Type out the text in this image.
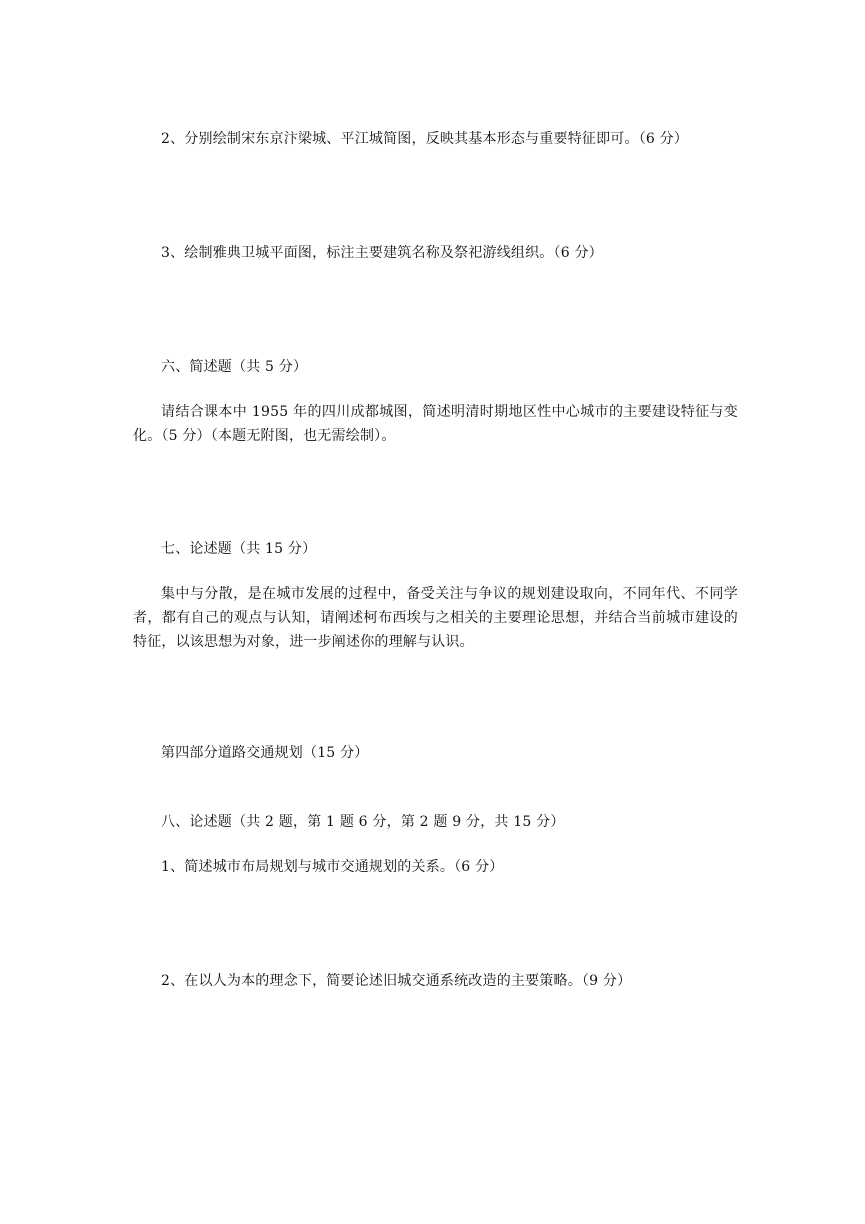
2、分别绘制宋东京汴梁城、平江城简图，反映其基本形态与重要特征即可。（6 分）
3、绘制雅典卫城平面图，标注主要建筑名称及祭祀游线组织。（6 分）
六、简述题（共 5 分）
请结合课本中 1955 年的四川成都城图，简述明清时期地区性中心城市的主要建设特征与变化。（5 分）（本题无附图，也无需绘制）。
七、论述题（共 15 分）
集中与分散，是在城市发展的过程中，备受关注与争议的规划建设取向，不同年代、不同学者，都有自己的观点与认知，请阐述柯布西埃与之相关的主要理论思想，并结合当前城市建设的特征，以该思想为对象，进一步阐述你的理解与认识。
第四部分道路交通规划（15 分）
八、论述题（共 2 题，第 1 题 6 分，第 2 题 9 分，共 15 分）
1、简述城市布局规划与城市交通规划的关系。（6 分）
2、在以人为本的理念下，简要论述旧城交通系统改造的主要策略。（9 分）
